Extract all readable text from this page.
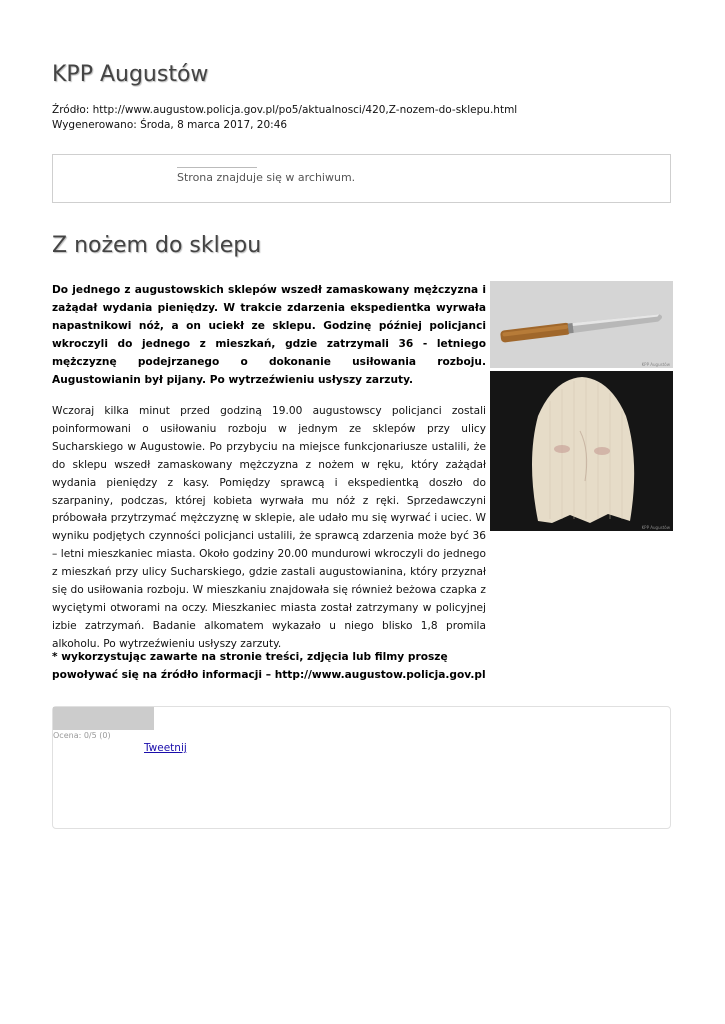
KPP Augustów
Źródło: http://www.augustow.policja.gov.pl/po5/aktualnosci/420,Z-nozem-do-sklepu.html
Wygenerowano: Środa, 8 marca 2017, 20:46
Strona znajduje się w archiwum.
Z nożem do sklepu

Do jednego z augustowskich sklepów wszedł zamaskowany mężczyzna i zażądał wydania pieniędzy. W trakcie zdarzenia ekspedientka wyrwała napastnikowi nóż, a on uciekł ze sklepu. Godzinę później policjanci wkroczyli do jednego z mieszkań, gdzie zatrzymali 36 - letniego mężczyznę podejrzanego o dokonanie usiłowania rozboju. Augustowianin był pijany. Po wytrzeźwieniu usłyszy zarzuty.

KPP Augustów
KPP Augustów

Wczoraj kilka minut przed godziną 19.00 augustowscy policjanci zostali poinformowani o usiłowaniu rozboju w jednym ze sklepów przy ulicy Sucharskiego w Augustowie. Po przybyciu na miejsce funkcjonariusze ustalili, że do sklepu wszedł zamaskowany mężczyzna z nożem w ręku, który zażądał wydania pieniędzy z kasy. Pomiędzy sprawcą i ekspedientką doszło do szarpaniny, podczas, której kobieta wyrwała mu nóż z ręki. Sprzedawczyni próbowała przytrzymać mężczyznę w sklepie, ale udało mu się wyrwać i uciec. W wyniku podjętych czynności policjanci ustalili, że sprawcą zdarzenia może być 36 – letni mieszkaniec miasta. Około godziny 20.00 mundurowi wkroczyli do jednego z mieszkań przy ulicy Sucharskiego, gdzie zastali augustowianina, który przyznał się do usiłowania rozboju. W mieszkaniu znajdowała się również beżowa czapka z wyciętymi otworami na oczy. Mieszkaniec miasta został zatrzymany w policyjnej izbie zatrzymań. Badanie alkomatem wykazało u niego blisko 1,8 promila alkoholu. Po wytrzeźwieniu usłyszy zarzuty.

* wykorzystując zawarte na stronie treści, zdjęcia lub filmy proszę powoływać się na źródło informacji – http://www.augustow.policja.gov.pl

Ocena: 0/5 (0)
Tweetnij
